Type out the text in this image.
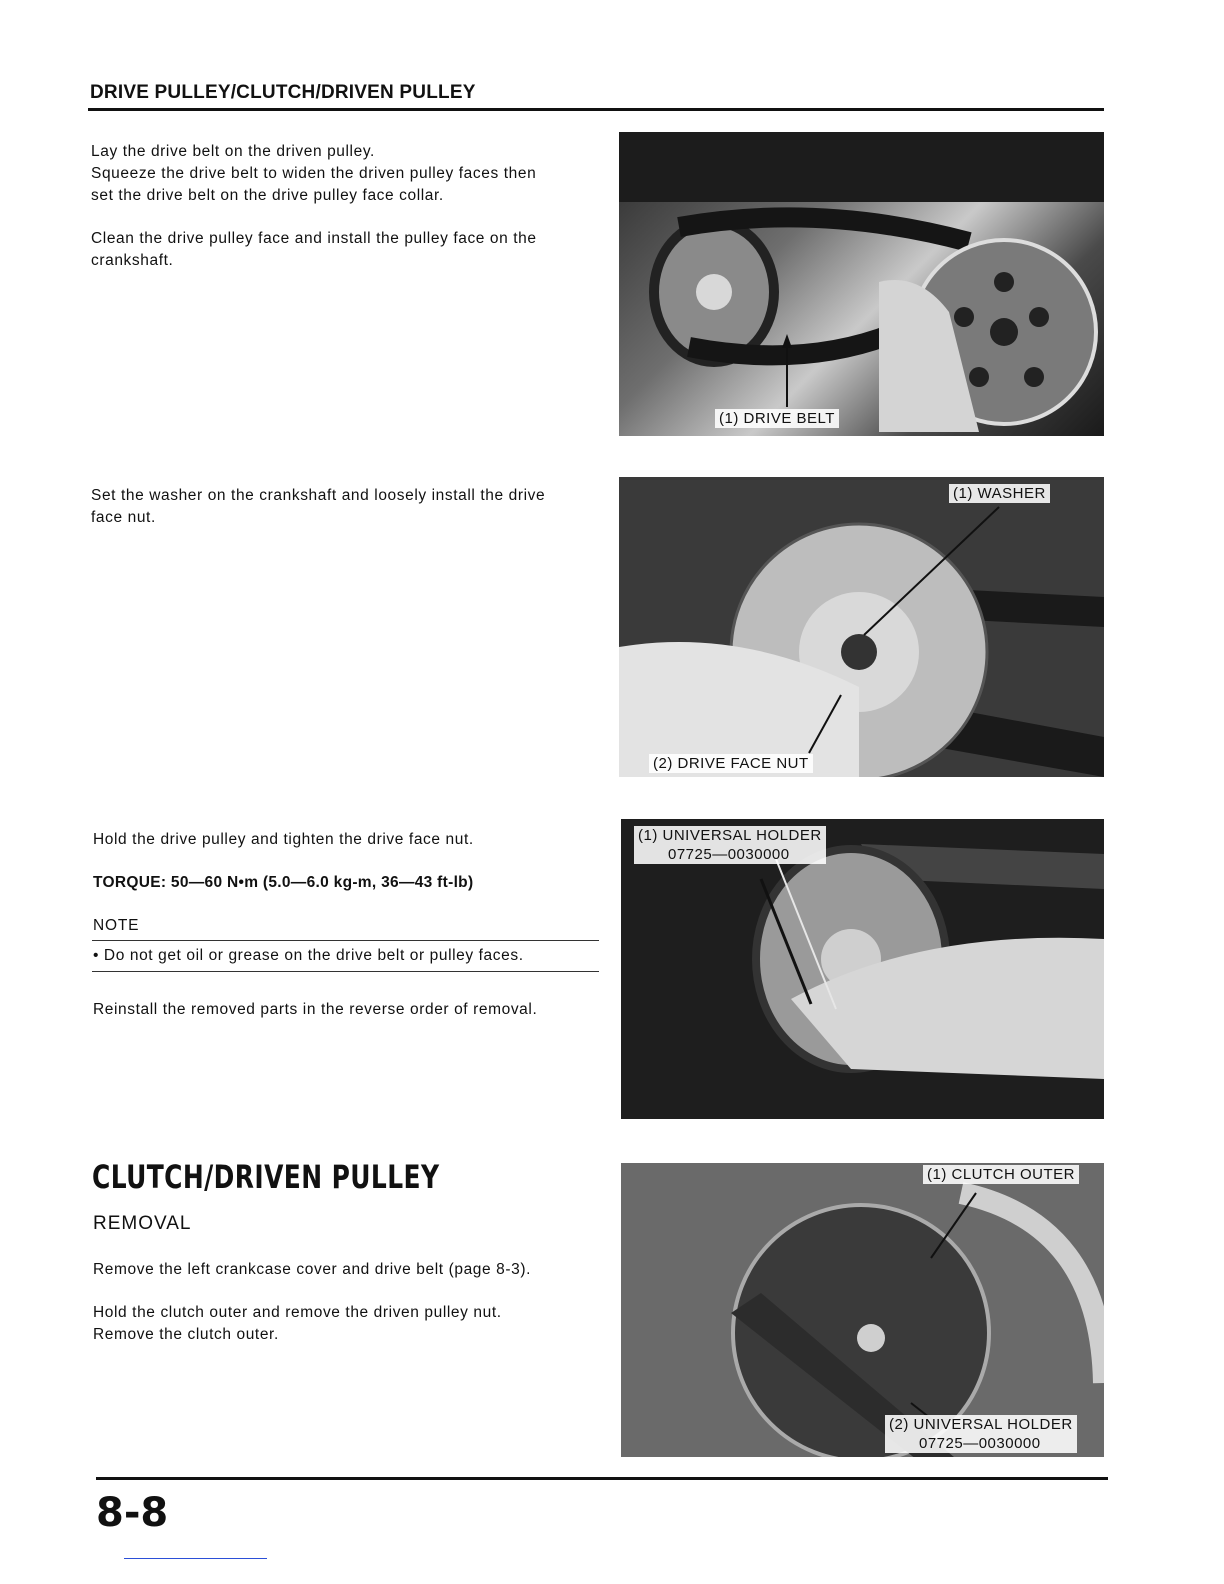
DRIVE PULLEY/CLUTCH/DRIVEN PULLEY
Lay the drive belt on the driven pulley.
Squeeze the drive belt to widen the driven pulley faces then
set the drive belt on the drive pulley face collar.
Clean the drive pulley face and install the pulley face on the
crankshaft.
Set the washer on the crankshaft and loosely install the drive
face nut.
Hold the drive pulley and tighten the drive face nut.
TORQUE: 50—60 N•m (5.0—6.0 kg-m, 36—43 ft-lb)
NOTE
• Do not get oil or grease on the drive belt or pulley faces.
Reinstall the removed parts in the reverse order of removal.
CLUTCH/DRIVEN PULLEY
REMOVAL
Remove the left crankcase cover and drive belt (page 8-3).
Hold the clutch outer and remove the driven pulley nut.
Remove the clutch outer.
(1) DRIVE BELT
(1) WASHER
(2) DRIVE FACE NUT
(1) UNIVERSAL HOLDER
07725—0030000
(1) CLUTCH OUTER
(2) UNIVERSAL HOLDER
07725—0030000
8-8
